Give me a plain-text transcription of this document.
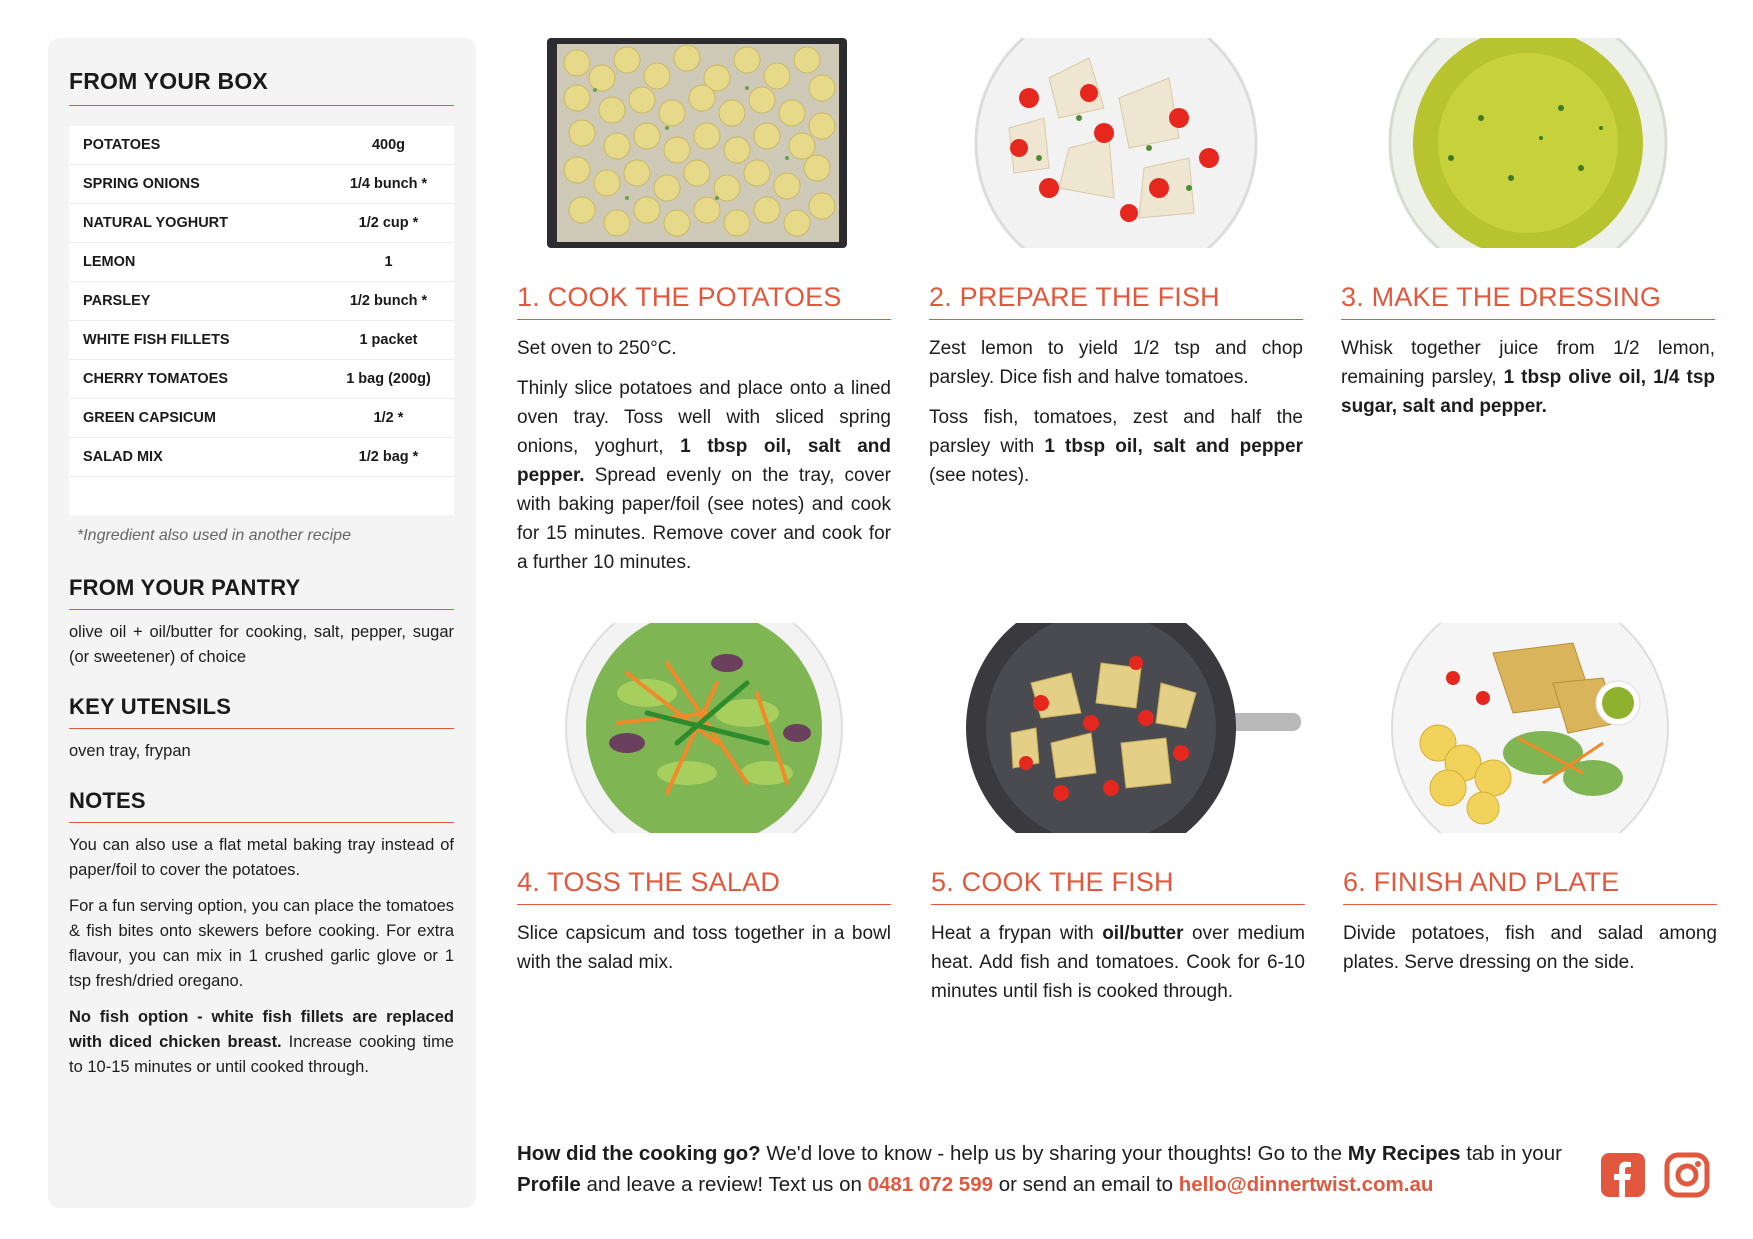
FROM YOUR BOX
POTATOES	400g
SPRING ONIONS	1/4 bunch *
NATURAL YOGHURT	1/2 cup *
LEMON	1
PARSLEY	1/2 bunch *
WHITE FISH FILLETS	1 packet
CHERRY TOMATOES	1 bag (200g)
GREEN CAPSICUM	1/2 *
SALAD MIX	1/2 bag *

*Ingredient also used in another recipe
FROM YOUR PANTRY

olive oil + oil/butter for cooking, salt, pepper, sugar (or sweetener) of choice

KEY UTENSILS

oven tray, frypan

NOTES

You can also use a flat metal baking tray instead of paper/foil to cover the potatoes.

For a fun serving option, you can place the tomatoes & fish bites onto skewers before cooking. For extra flavour, you can mix in 1 crushed garlic glove or 1 tsp fresh/dried oregano.

No fish option - white fish fillets are replaced with diced chicken breast. Increase cooking time to 10-15 minutes or until cooked through.

1. COOK THE POTATOES

Set oven to 250°C.

Thinly slice potatoes and place onto a lined oven tray. Toss well with sliced spring onions, yoghurt, 1 tbsp oil, salt and pepper. Spread evenly on the tray, cover with baking paper/foil (see notes) and cook for 15 minutes. Remove cover and cook for a further 10 minutes.

2. PREPARE THE FISH

Zest lemon to yield 1/2 tsp and chop parsley. Dice fish and halve tomatoes.

Toss fish, tomatoes, zest and half the parsley with 1 tbsp oil, salt and pepper (see notes).

3. MAKE THE DRESSING

Whisk together juice from 1/2 lemon, remaining parsley, 1 tbsp olive oil, 1/4 tsp sugar, salt and pepper.

4. TOSS THE SALAD

Slice capsicum and toss together in a bowl with the salad mix.

5. COOK THE FISH

Heat a frypan with oil/butter over medium heat. Add fish and tomatoes. Cook for 6-10 minutes until fish is cooked through.

6. FINISH AND PLATE

Divide potatoes, fish and salad among plates. Serve dressing on the side.

How did the cooking go? We'd love to know - help us by sharing your thoughts! Go to the My Recipes tab in your Profile and leave a review! Text us on 0481 072 599 or send an email to hello@dinnertwist.com.au
